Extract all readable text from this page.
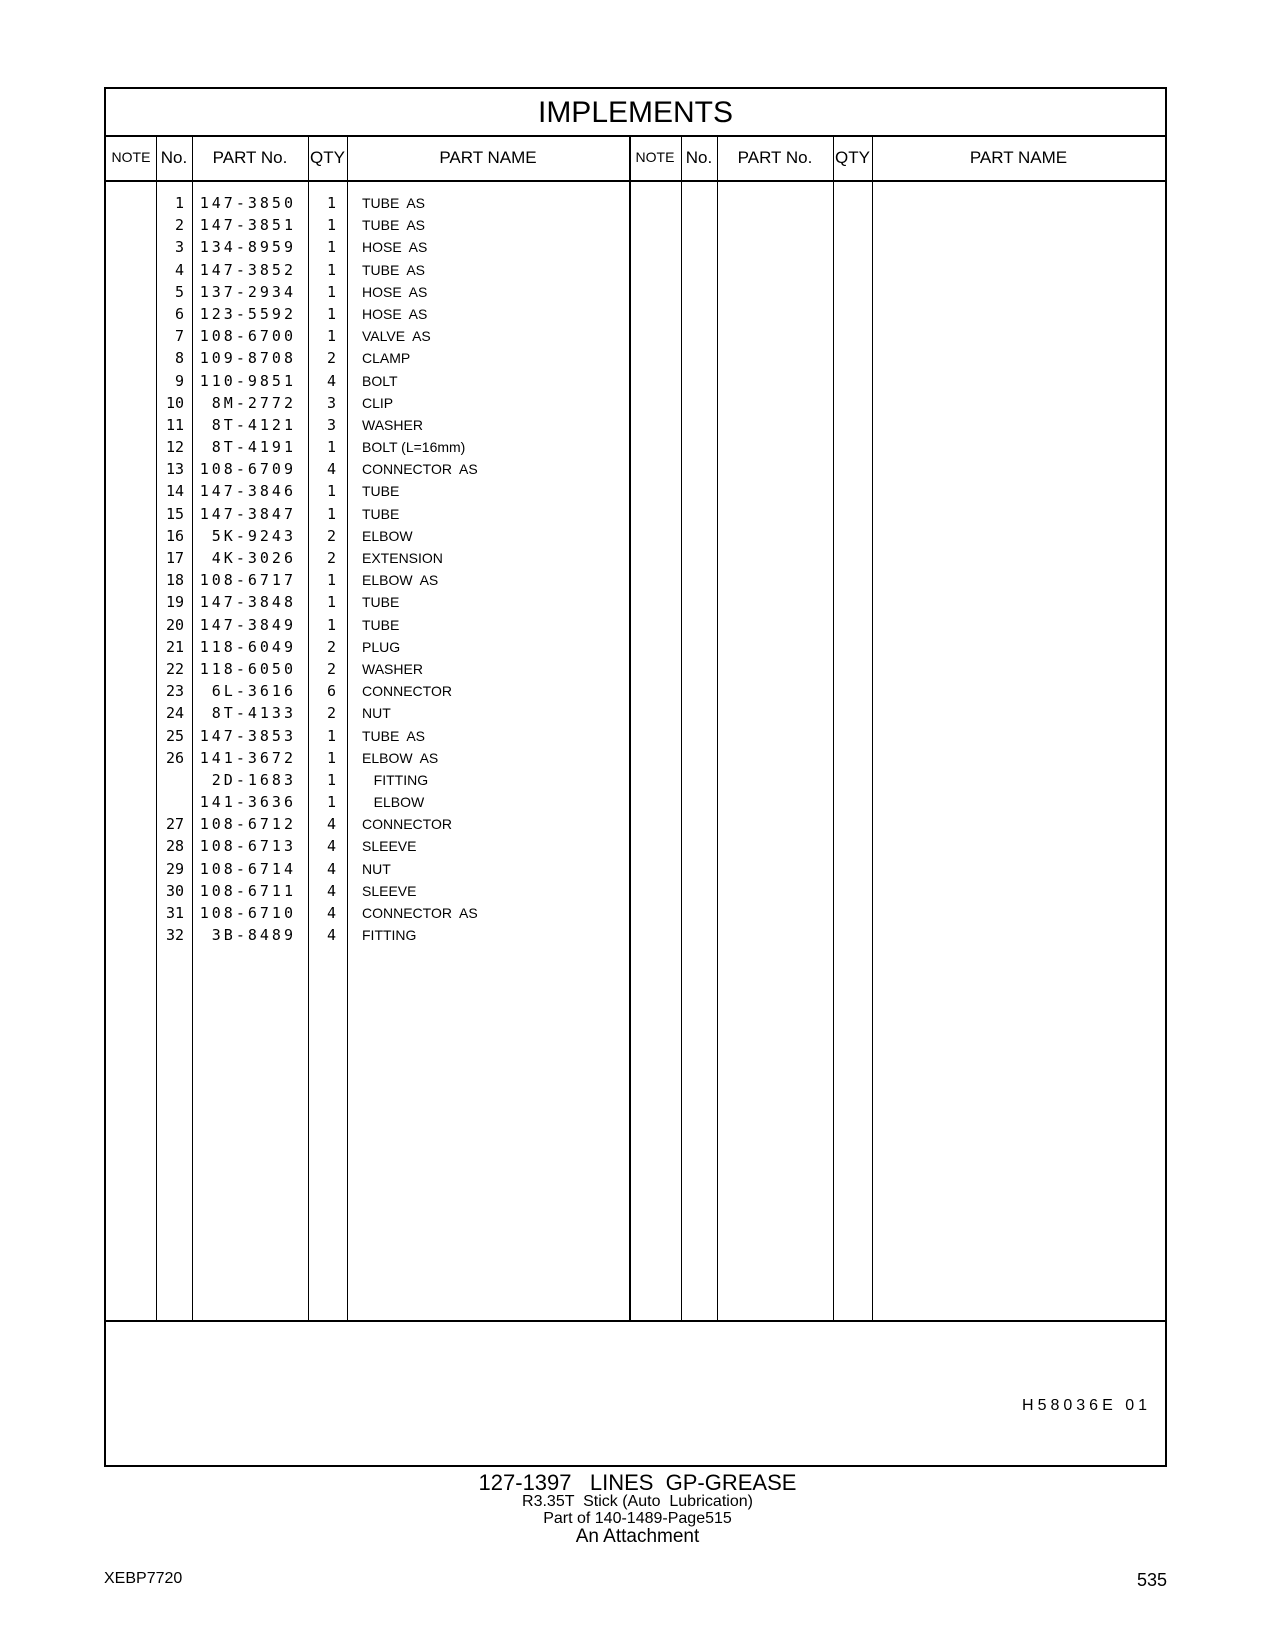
IMPLEMENTS
NOTE No.	PART No.	QTY	PART NAME	NOTE No.	PART No.	QTY	PART NAME
1	147-3850	1 TUBE  AS
2	147-3851	1 TUBE  AS
3	134-8959	1 HOSE  AS
4	147-3852	1 TUBE  AS
5	137-2934	1 HOSE  AS
6	123-5592	1 HOSE  AS
7	108-6700	1 VALVE  AS
8	109-8708	2 CLAMP
9	110-9851	4 BOLT
10	8M-2772	3 CLIP
11	8T-4121	3 WASHER
12	8T-4191	1 BOLT (L=16mm)
13	108-6709	4 CONNECTOR  AS
14	147-3846	1 TUBE
15	147-3847	1 TUBE
16	5K-9243	2 ELBOW
17	4K-3026	2 EXTENSION
18	108-6717	1 ELBOW  AS
19	147-3848	1 TUBE
20	147-3849	1 TUBE
21	118-6049	2 PLUG
22	118-6050	2 WASHER
23	6L-3616	6 CONNECTOR
24	8T-4133	2 NUT
25	147-3853	1 TUBE  AS
26	141-3672	1 ELBOW  AS
2D-1683	1 FITTING
141-3636	1 ELBOW
27	108-6712	4 CONNECTOR
28	108-6713	4 SLEEVE
29	108-6714	4 NUT
30	108-6711	4 SLEEVE
31	108-6710	4 CONNECTOR  AS
32	3B-8489	4 FITTING
H58036E 01
127-1397   LINES  GP-GREASE
R3.35T  Stick (Auto  Lubrication)
Part of 140-1489-Page515
An Attachment
XEBP7720	535
